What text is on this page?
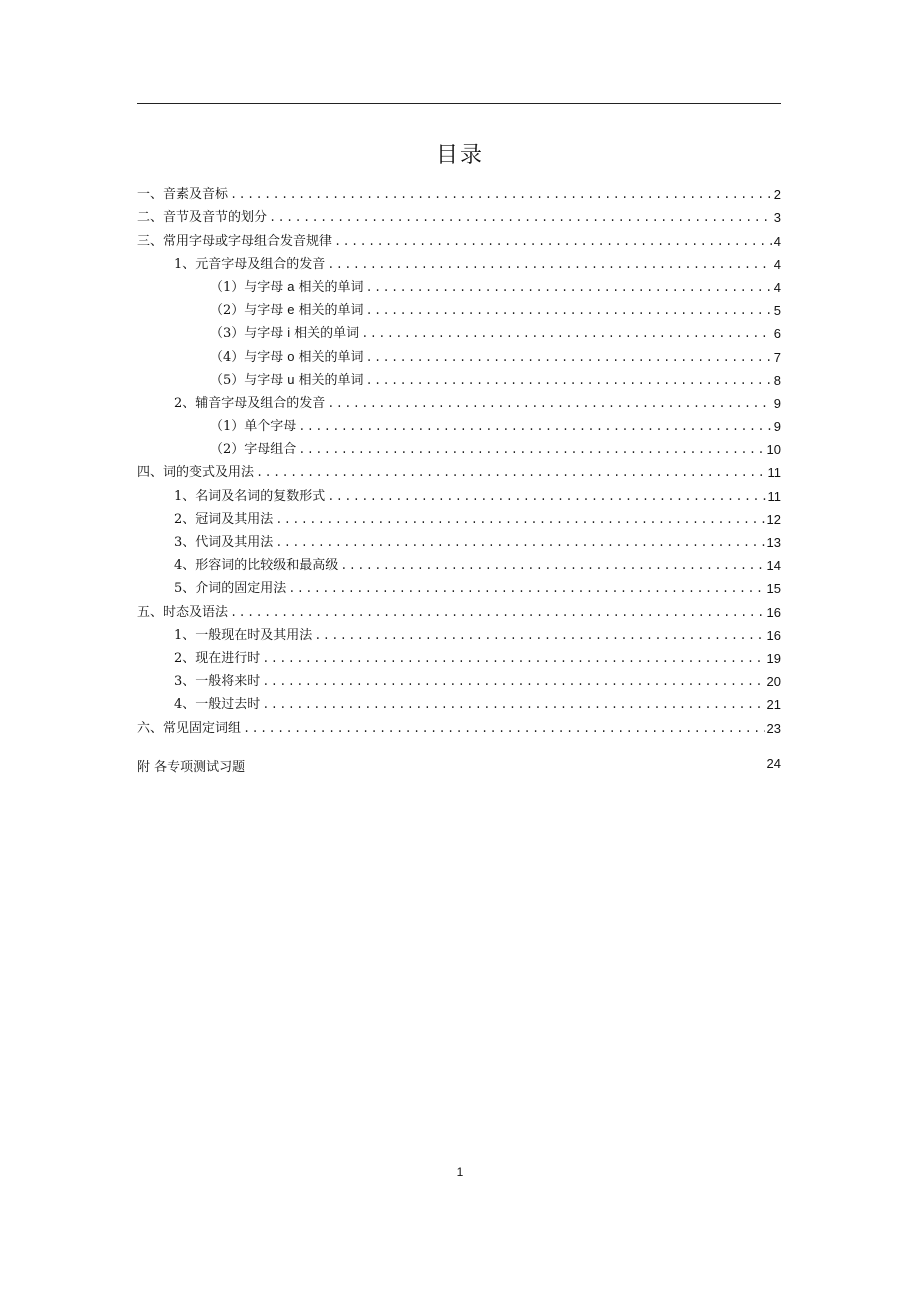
目录
一、音素及音标 .....	2
二、音节及音节的划分 .....	3
三、常用字母或字母组合发音规律 .....	4
1、元音字母及组合的发音 .....	4
（1）与字母 a 相关的单词 .....	4
（2）与字母 e 相关的单词 .....	5
（3）与字母 i 相关的单词 .....	6
（4）与字母 o 相关的单词 .....	7
（5）与字母 u 相关的单词 .....	8
2、辅音字母及组合的发音 .....	9
（1）单个字母 .....	9
（2）字母组合 .....	10
四、词的变式及用法 .....	11
1、名词及名词的复数形式 .....	11
2、冠词及其用法 .....	12
3、代词及其用法 .....	13
4、形容词的比较级和最高级 .....	14
5、介词的固定用法 .....	15
五、时态及语法 .....	16
1、一般现在时及其用法 .....	16
2、现在进行时 .....	19
3、一般将来时 .....	20
4、一般过去时 .....	21
六、常见固定词组 .....	23
附 各专项测试习题	24
1
